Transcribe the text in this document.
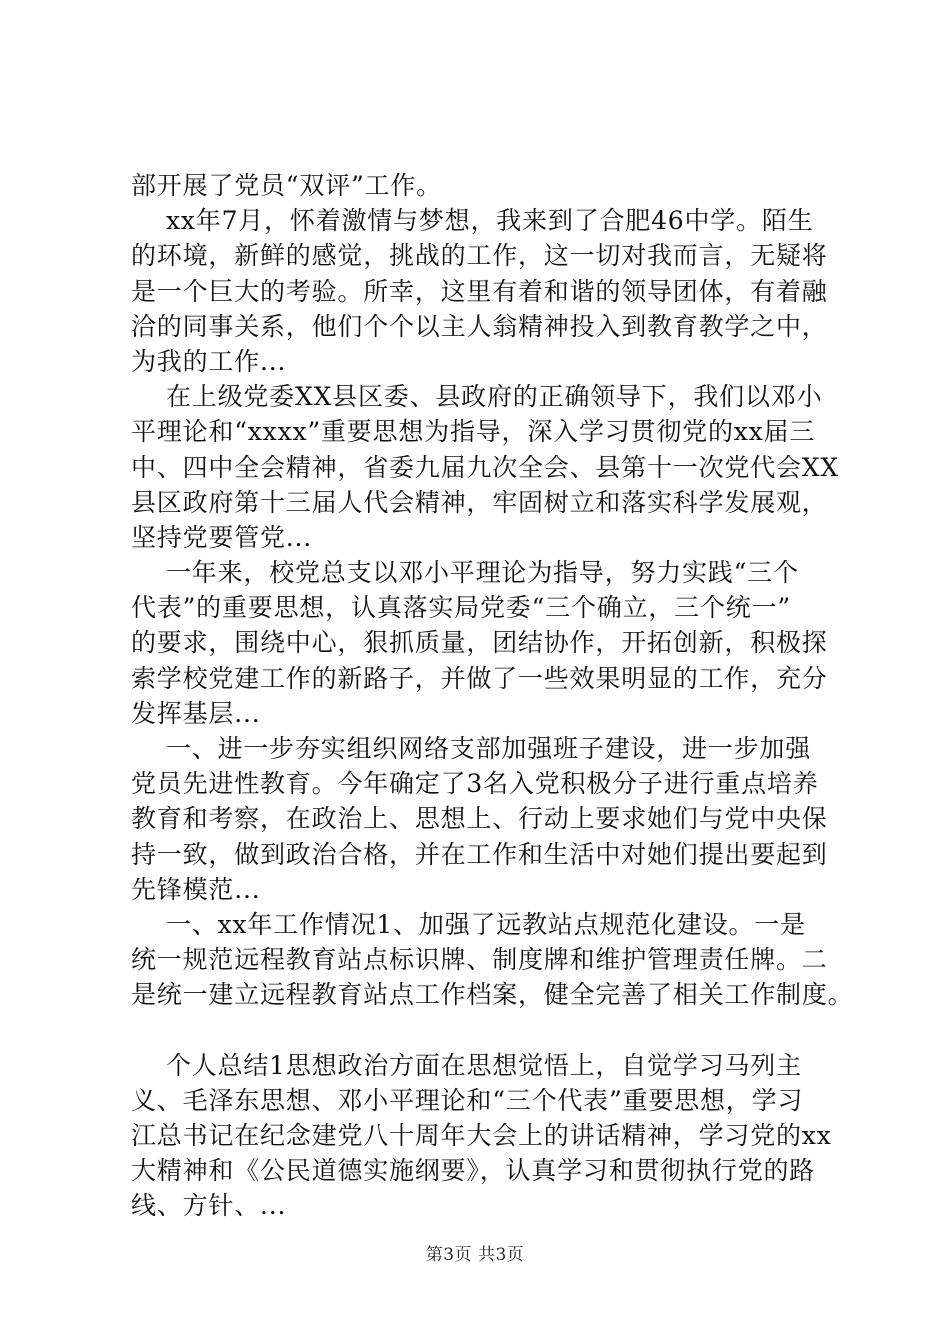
部开展了党员“双评”工作。
xx年7月，怀着激情与梦想，我来到了合肥46中学。陌生
的环境，新鲜的感觉，挑战的工作，这一切对我而言，无疑将
是一个巨大的考验。所幸，这里有着和谐的领导团体，有着融
洽的同事关系，他们个个以主人翁精神投入到教育教学之中，
为我的工作...
在上级党委XX县区委、县政府的正确领导下，我们以邓小
平理论和“xxxx”重要思想为指导，深入学习贯彻党的xx届三
中、四中全会精神，省委九届九次全会、县第十一次党代会XX
县区政府第十三届人代会精神，牢固树立和落实科学发展观，
坚持党要管党...
一年来，校党总支以邓小平理论为指导，努力实践“三个
代表”的重要思想，认真落实局党委“三个确立，三个统一”
的要求，围绕中心，狠抓质量，团结协作，开拓创新，积极探
索学校党建工作的新路子，并做了一些效果明显的工作，充分
发挥基层...
一、进一步夯实组织网络支部加强班子建设，进一步加强
党员先进性教育。今年确定了3名入党积极分子进行重点培养
教育和考察，在政治上、思想上、行动上要求她们与党中央保
持一致，做到政治合格，并在工作和生活中对她们提出要起到
先锋模范...
一、xx年工作情况1、加强了远教站点规范化建设。一是
统一规范远程教育站点标识牌、制度牌和维护管理责任牌。二
是统一建立远程教育站点工作档案，健全完善了相关工作制度。
个人总结1思想政治方面在思想觉悟上，自觉学习马列主
义、毛泽东思想、邓小平理论和“三个代表”重要思想，学习
江总书记在纪念建党八十周年大会上的讲话精神，学习党的xx
大精神和《公民道德实施纲要》，认真学习和贯彻执行党的路
线、方针、...
第3页 共3页
